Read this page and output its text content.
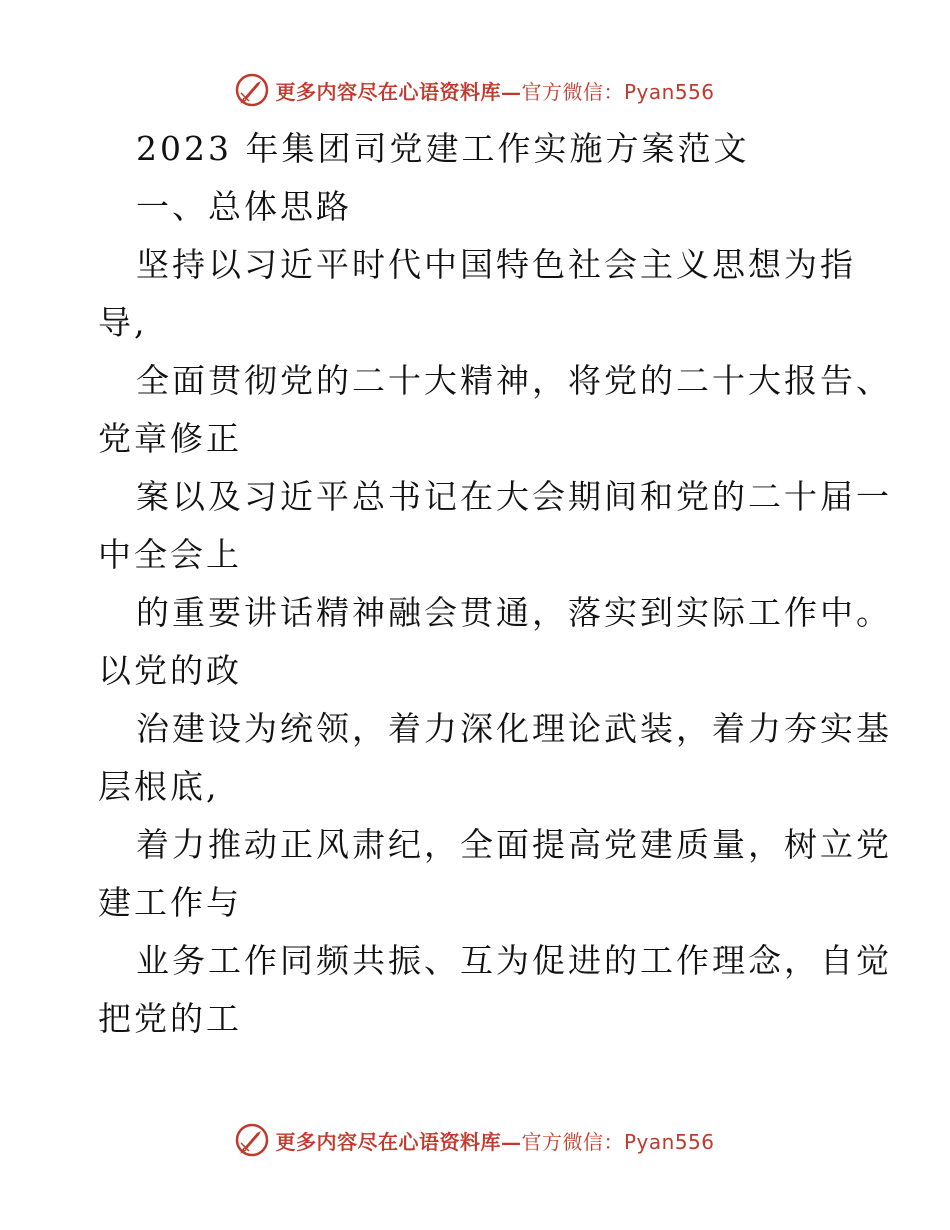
更多内容尽在心语资料库—官方微信：Pyan556
2023 年集团司党建工作实施方案范文
一、总体思路
坚持以习近平时代中国特色社会主义思想为指
导,
全面贯彻党的二十大精神，将党的二十大报告、
党章修正
案以及习近平总书记在大会期间和党的二十届一
中全会上
的重要讲话精神融会贯通，落实到实际工作中。
以党的政
治建设为统领，着力深化理论武装，着力夯实基
层根底,
着力推动正风肃纪，全面提高党建质量，树立党
建工作与
业务工作同频共振、互为促进的工作理念，自觉
把党的工
更多内容尽在心语资料库—官方微信：Pyan556
